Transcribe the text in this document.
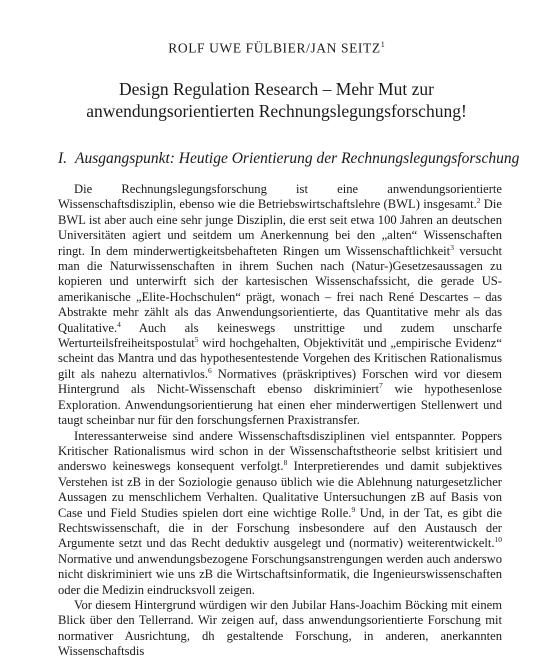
ROLF UWE FÜLBIER/JAN SEITZ$^1$
Design Regulation Research – Mehr Mut zur
anwendungsorientierten Rechnungslegungsforschung!
I. Ausgangspunkt: Heutige Orientierung der Rechnungslegungsforschung

Die Rechnungslegungsforschung ist eine anwendungsorientierte Wissenschaftsdisziplin, ebenso wie die Betriebswirtschaftslehre (BWL) insgesamt.$^2$ Die BWL ist aber auch eine sehr junge Disziplin, die erst seit etwa 100 Jahren an deutschen Universitäten agiert und seitdem um Anerkennung bei den „alten“ Wissenschaften ringt. In dem minderwertigkeitsbehafteten Ringen um Wissenschaftlichkeit$^3$ versucht man die Naturwissenschaften in ihrem Suchen nach (Natur-)Gesetzesaussagen zu kopieren und unterwirft sich der kartesischen Wissenschafssicht, die gerade US-amerikanische „Elite-Hochschulen“ prägt, wonach – frei nach René Descartes – das Abstrakte mehr zählt als das Anwendungsorientierte, das Quantitative mehr als das Qualitative.$^4$ Auch als keineswegs unstrittige und zudem unscharfe Werturteilsfreiheitspostulat$^5$ wird hochgehalten, Objektivität und „empirische Evidenz“ scheint das Mantra und das hypothesentestende Vorgehen des Kritischen Rationalismus gilt als nahezu alternativlos.$^6$ Normatives (präskriptives) Forschen wird vor diesem Hintergrund als Nicht-Wissenschaft ebenso diskriminiert$^7$ wie hypothesenlose Exploration. Anwendungsorientierung hat einen eher minderwertigen Stellenwert und taugt scheinbar nur für den forschungsfernen Praxistransfer.

Interessanterweise sind andere Wissenschaftsdisziplinen viel entspannter. Poppers Kritischer Rationalismus wird schon in der Wissenschaftstheorie selbst kritisiert und anderswo keineswegs konsequent verfolgt.$^8$ Interpretierendes und damit subjektives Verstehen ist zB in der Soziologie genauso üblich wie die Ablehnung naturgesetzlicher Aussagen zu menschlichem Verhalten. Qualitative Untersuchungen zB auf Basis von Case und Field Studies spielen dort eine wichtige Rolle.$^9$ Und, in der Tat, es gibt die Rechtswissenschaft, die in der Forschung insbesondere auf den Austausch der Argumente setzt und das Recht deduktiv ausgelegt und (normativ) weiterentwickelt.$^{10}$ Normative und anwendungsbezogene Forschungsanstrengungen werden auch anderswo nicht diskriminiert wie uns zB die Wirtschaftsinformatik, die Ingenieurswissenschaften oder die Medizin eindrucksvoll zeigen.

Vor diesem Hintergrund würdigen wir den Jubilar Hans-Joachim Böcking mit einem Blick über den Tellerrand. Wir zeigen auf, dass anwendungsorientierte Forschung mit normativer Ausrichtung, dh gestaltende Forschung, in anderen, anerkannten Wissenschaftsdis
